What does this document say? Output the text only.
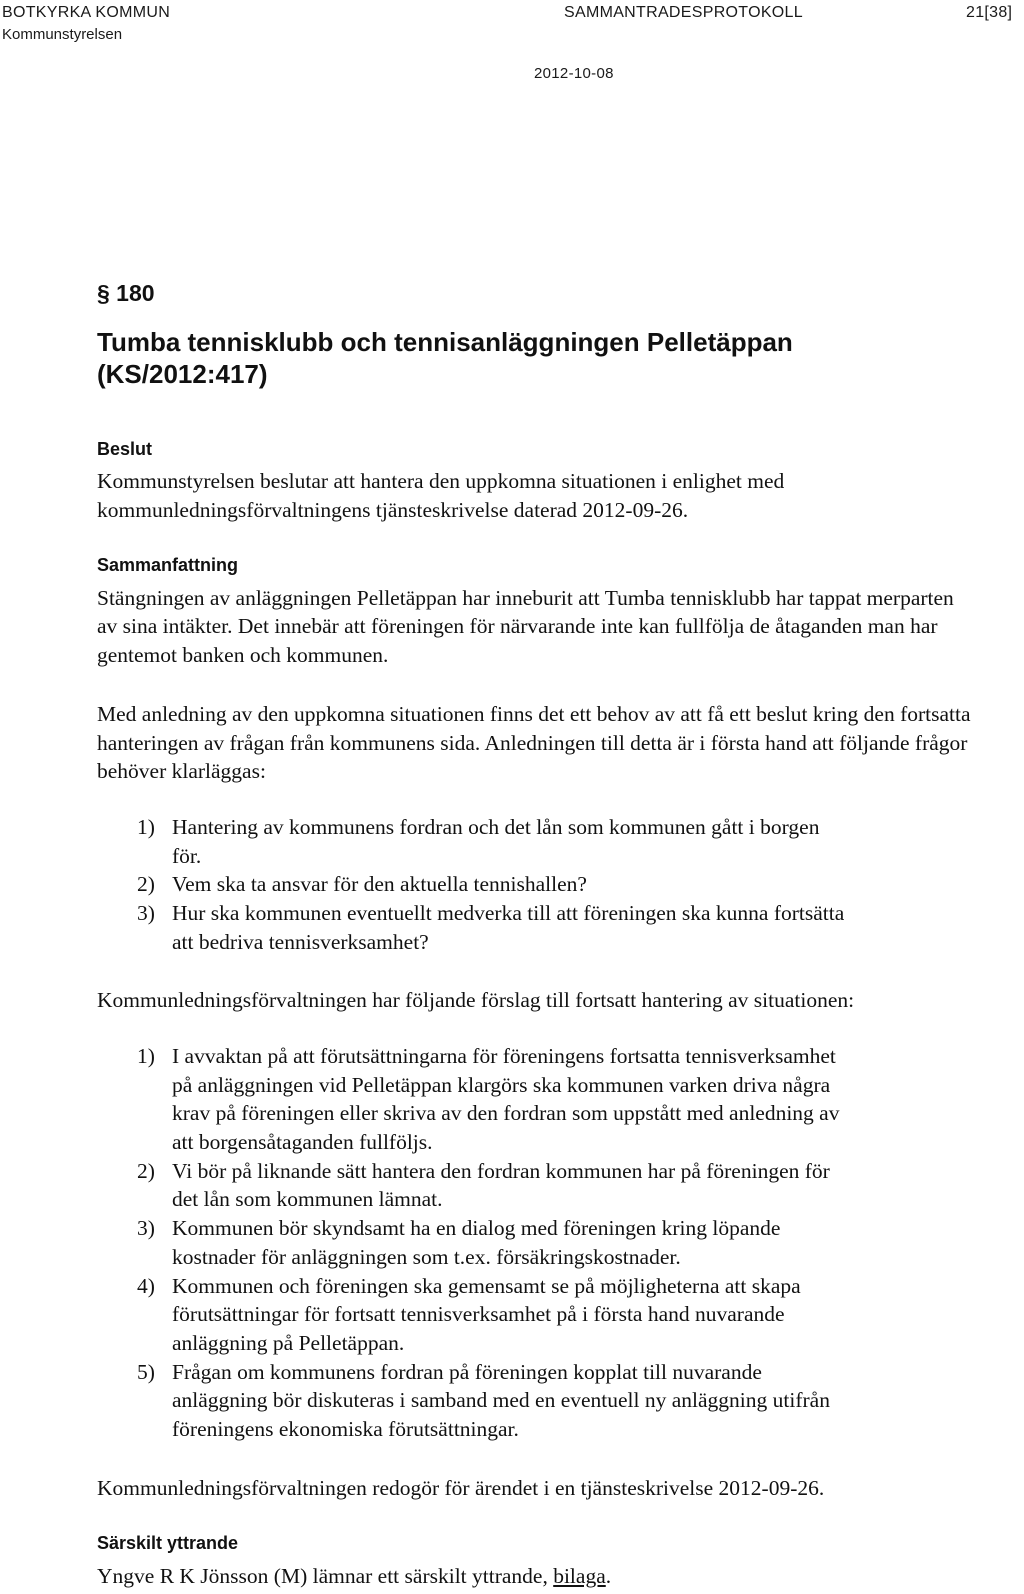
BOTKYRKA KOMMUN
Kommunstyrelsen
SAMMANTRADESPROTOKOLL	21[38]
2012-10-08
§ 180
Tumba tennisklubb och tennisanläggningen Pelletäppan (KS/2012:417)
Beslut

Kommunstyrelsen beslutar att hantera den uppkomna situationen i enlighet med kommunledningsförvaltningens tjänsteskrivelse daterad 2012-09-26.

Sammanfattning

Stängningen av anläggningen Pelletäppan har inneburit att Tumba tennisklubb har tappat merparten av sina intäkter. Det innebär att föreningen för närvarande inte kan fullfölja de åtaganden man har gentemot banken och kommunen.

Med anledning av den uppkomna situationen finns det ett behov av att få ett beslut kring den fortsatta hanteringen av frågan från kommunens sida. Anledningen till detta är i första hand att följande frågor behöver klarläggas:

1) Hantering av kommunens fordran och det lån som kommunen gått i borgen för.
2) Vem ska ta ansvar för den aktuella tennishallen?
3) Hur ska kommunen eventuellt medverka till att föreningen ska kunna fortsätta att bedriva tennisverksamhet?

Kommunledningsförvaltningen har följande förslag till fortsatt hantering av situationen:

1) I avvaktan på att förutsättningarna för föreningens fortsatta tennisverksamhet på anläggningen vid Pelletäppan klargörs ska kommunen varken driva några krav på föreningen eller skriva av den fordran som uppstått med anledning av att borgensåtaganden fullföljs.
2) Vi bör på liknande sätt hantera den fordran kommunen har på föreningen för det lån som kommunen lämnat.
3) Kommunen bör skyndsamt ha en dialog med föreningen kring löpande kostnader för anläggningen som t.ex. försäkringskostnader.
4) Kommunen och föreningen ska gemensamt se på möjligheterna att skapa förutsättningar för fortsatt tennisverksamhet på i första hand nuvarande anläggning på Pelletäppan.
5) Frågan om kommunens fordran på föreningen kopplat till nuvarande anläggning bör diskuteras i samband med en eventuell ny anläggning utifrån föreningens ekonomiska förutsättningar.

Kommunledningsförvaltningen redogör för ärendet i en tjänsteskrivelse 2012-09-26.

Särskilt yttrande

Yngve R K Jönsson (M) lämnar ett särskilt yttrande, bilaga.
